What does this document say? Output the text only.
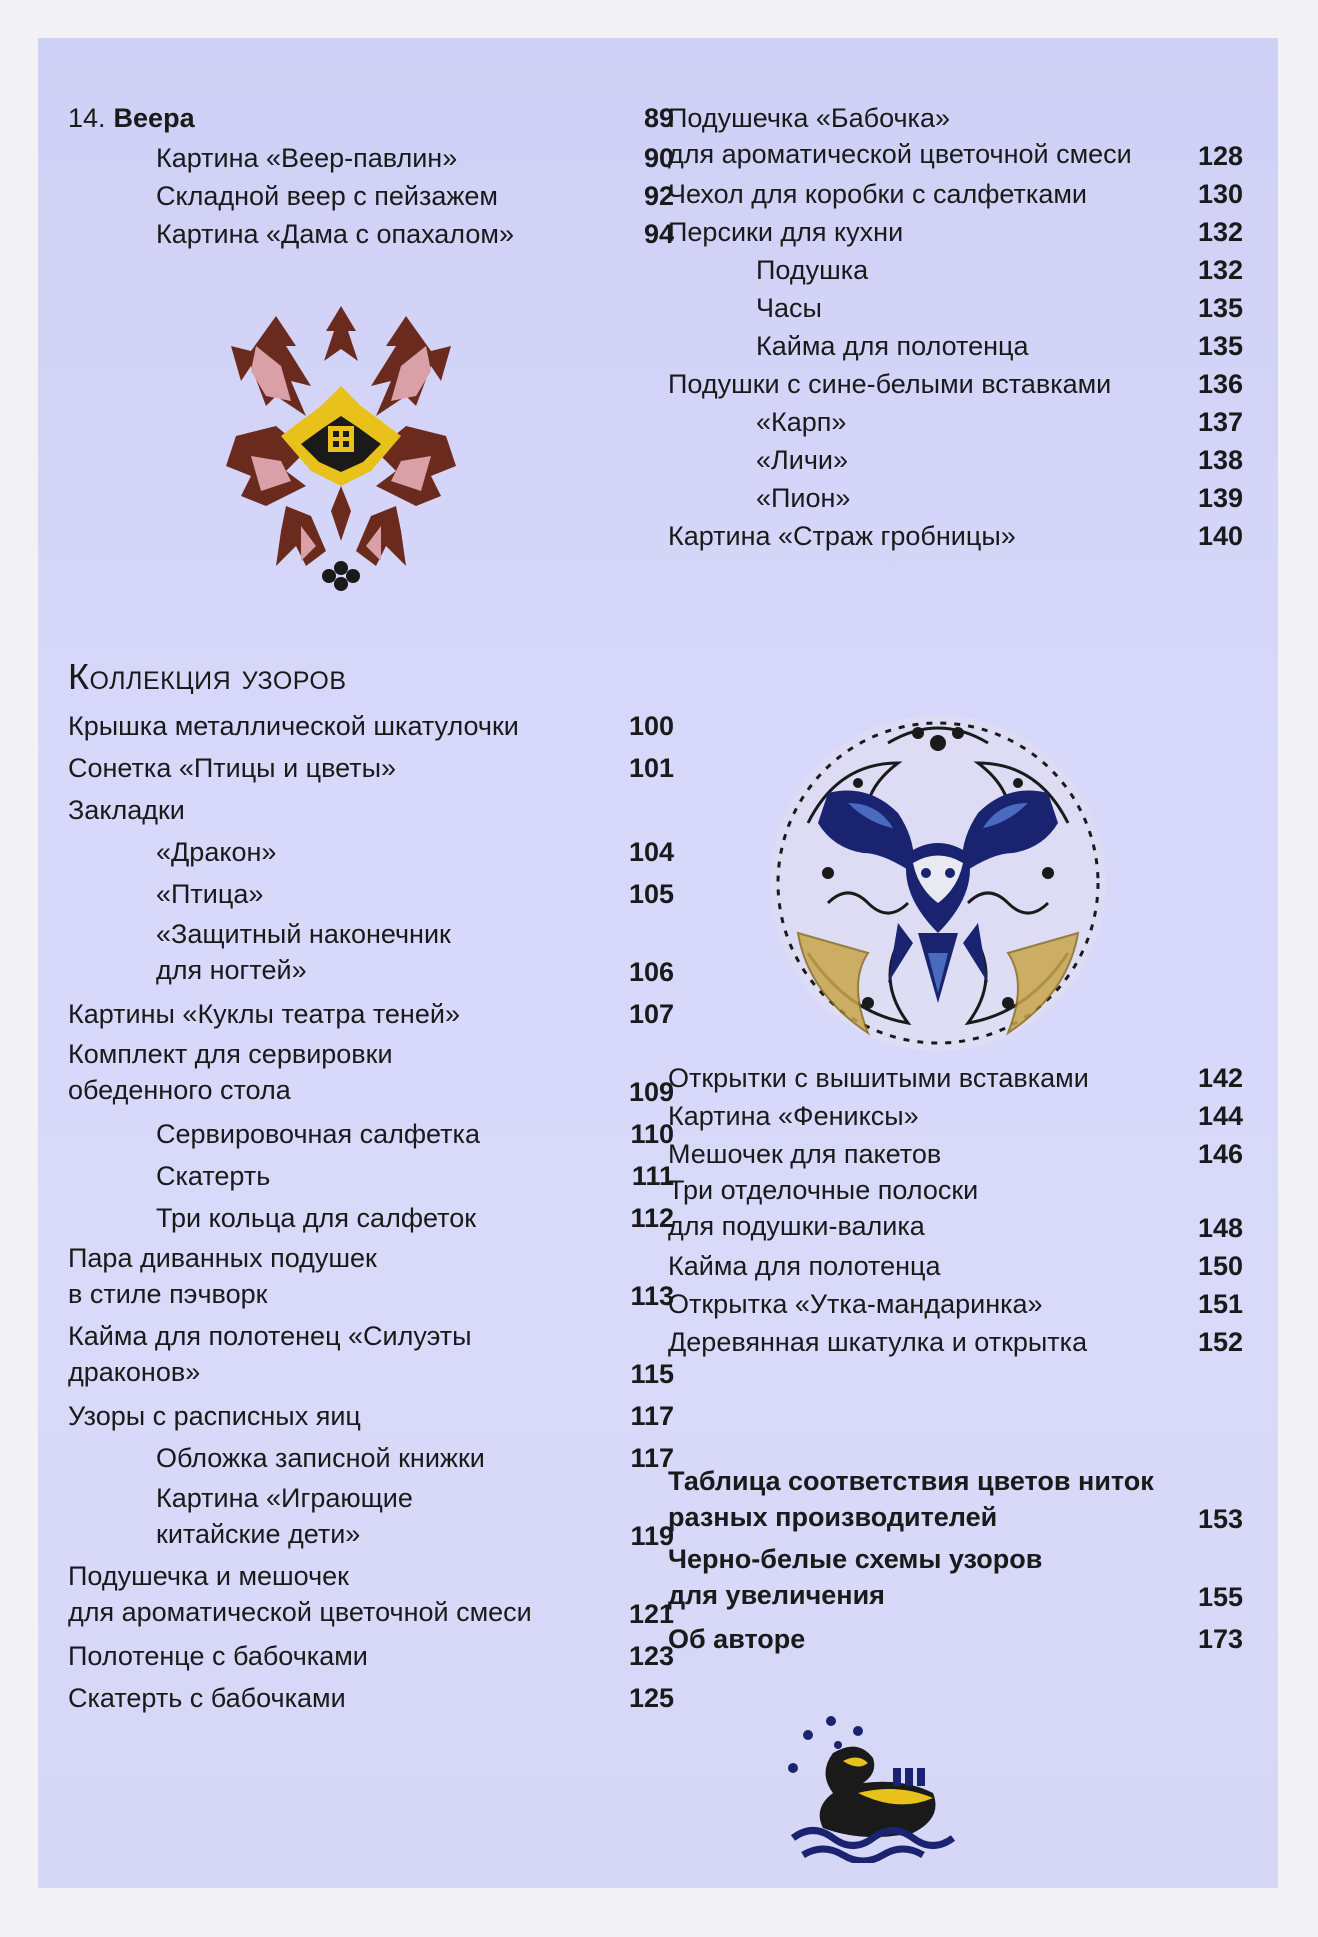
14. Веера	89
Картина «Веер-павлин»	90
Складной веер с пейзажем	92
Картина «Дама с опахалом»	94
Коллекция узоров
Крышка металлической шкатулочки	100
Сонетка «Птицы и цветы»	101
Закладки
«Дракон»	104
«Птица»	105
«Защитный наконечник
для ногтей»	106
Картины «Куклы театра теней»	107
Комплект для сервировки
обеденного стола	109
Сервировочная салфетка	110
Скатерть	111
Три кольца для салфеток	112
Пара диванных подушек
в стиле пэчворк	113
Кайма для полотенец «Силуэты
драконов»	115
Узоры с расписных яиц	117
Обложка записной книжки	117
Картина «Играющие
китайские дети»	119
Подушечка и мешочек
для ароматической цветочной смеси	121
Полотенце с бабочками	123
Скатерть с бабочками	125
Подушечка «Бабочка»
для ароматической цветочной смеси	128
Чехол для коробки с салфетками	130
Персики для кухни	132
Подушка	132
Часы	135
Кайма для полотенца	135
Подушки с сине-белыми вставками	136
«Карп»	137
«Личи»	138
«Пион»	139
Картина «Страж гробницы»	140
Открытки с вышитыми вставками	142
Картина «Фениксы»	144
Мешочек для пакетов	146
Три отделочные полоски
для подушки-валика	148
Кайма для полотенца	150
Открытка «Утка-мандаринка»	151
Деревянная шкатулка и открытка	152
Таблица соответствия цветов ниток
разных производителей	153
Черно-белые схемы узоров
для увеличения	155
Об авторе	173
